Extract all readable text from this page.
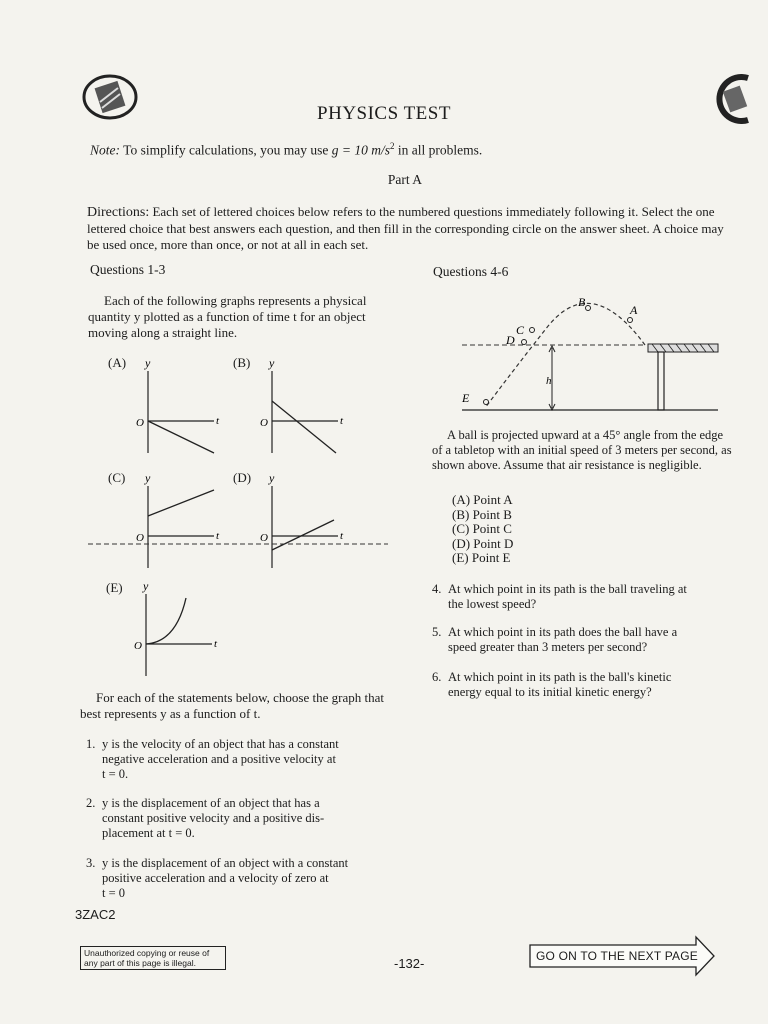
PHYSICS TEST
Note: To simplify calculations, you may use g = 10 $m/s^2$ in all problems.
Part A
Directions: Each set of lettered choices below refers to the numbered questions immediately following it. Select the one lettered choice that best answers each question, and then fill in the corresponding circle on the answer sheet. A choice may be used once, more than once, or not at all in each set.
Questions 1-3
Each of the following graphs represents a physical quantity y plotted as a function of time t for an object moving along a straight line.
(A) y
O	t
(B) y
O	t
(C) y
O	t
(D) y
O	t
(E) y
O	t
For each of the statements below, choose the graph that best represents y as a function of t.
1. y is the velocity of an object that has a constant
negative acceleration and a positive velocity at
t = 0.
2. y is the displacement of an object that has a
constant positive velocity and a positive dis-
placement at t = 0.
3. y is the displacement of an object with a constant
positive acceleration and a velocity of zero at
t = 0
Questions 4-6
h
A
B
C
D
E
A ball is projected upward at a 45° angle from the edge of a tabletop with an initial speed of 3 meters per second, as shown above. Assume that air resistance is negligible.
(A) Point A
(B) Point B
(C) Point C
(D) Point D
(E) Point E
4. At which point in its path is the ball traveling at
the lowest speed?
5. At which point in its path does the ball have a
speed greater than 3 meters per second?
6. At which point in its path is the ball's kinetic
energy equal to its initial kinetic energy?
3ZAC2
Unauthorized copying or reuse of
any part of this page is illegal.	-132-	GO ON TO THE NEXT PAGE
